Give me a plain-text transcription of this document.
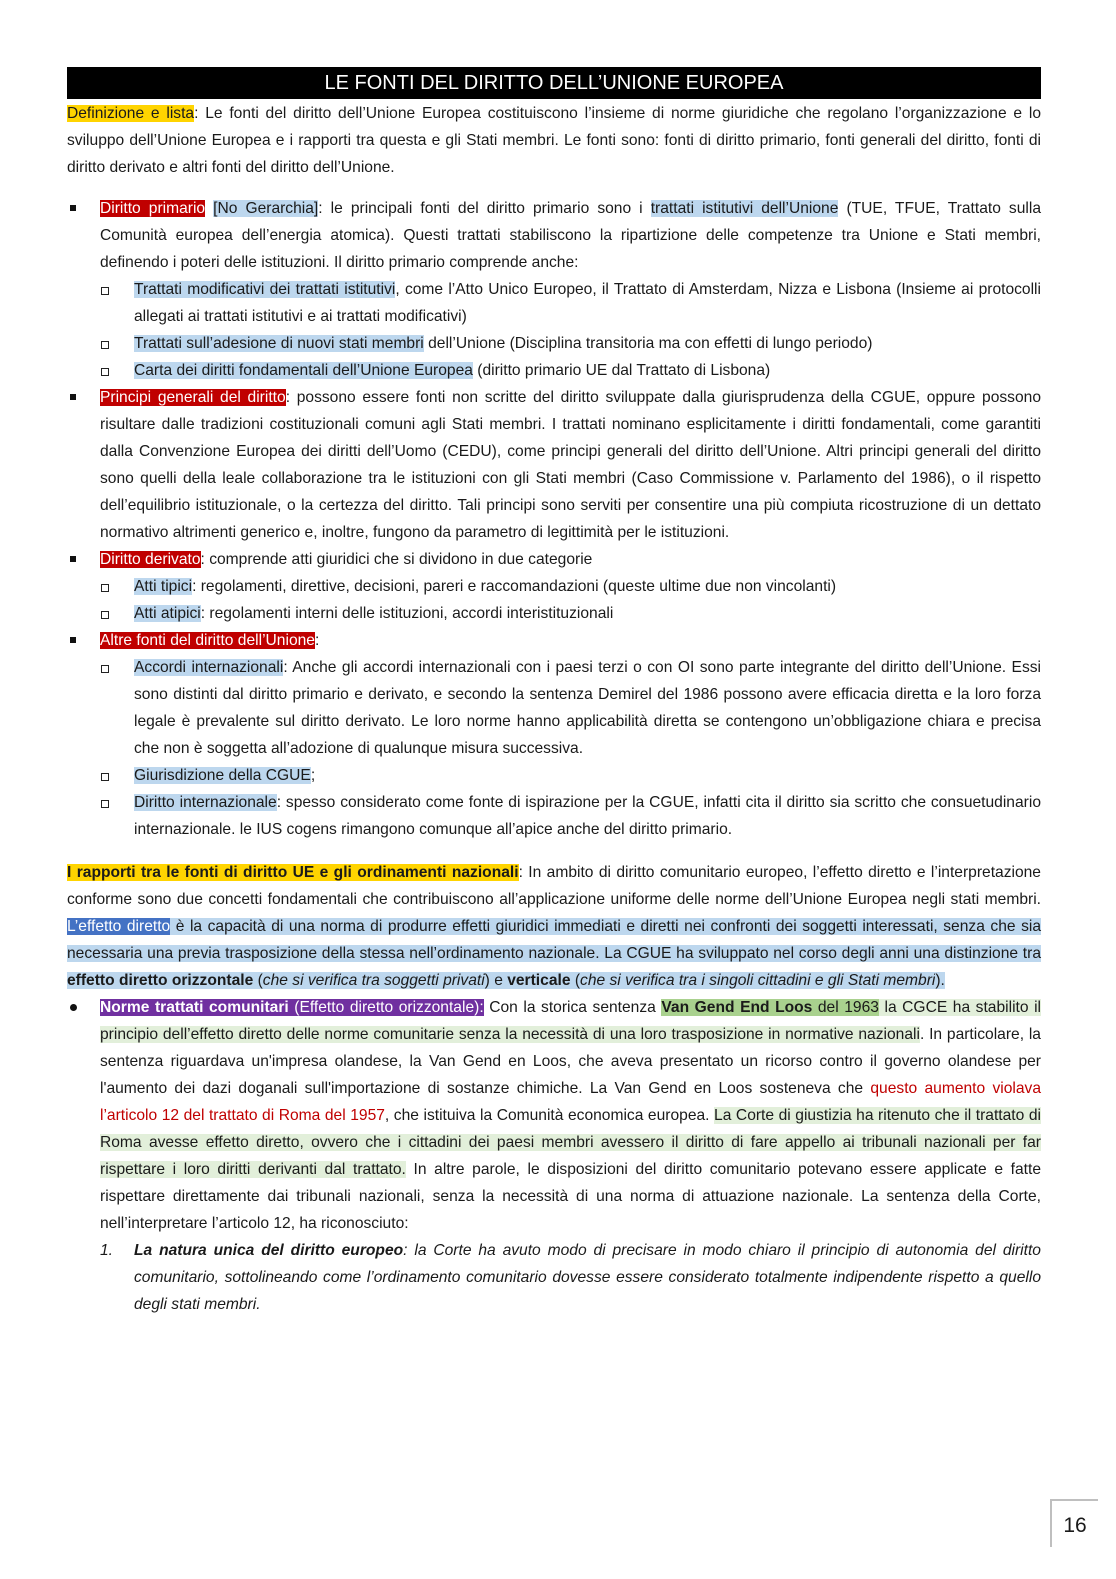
LE FONTI DEL DIRITTO DELL’UNIONE EUROPEA

Definizione e lista: Le fonti del diritto dell’Unione Europea costituiscono l’insieme di norme giuridiche che regolano l’organizzazione e lo sviluppo dell’Unione Europea e i rapporti tra questa e gli Stati membri. Le fonti sono: fonti di diritto primario, fonti generali del diritto, fonti di diritto derivato e altri fonti del diritto dell’Unione.

Diritto primario [No Gerarchia]: le principali fonti del diritto primario sono i trattati istitutivi dell’Unione (TUE, TFUE, Trattato sulla Comunità europea dell’energia atomica). Questi trattati stabiliscono la ripartizione delle competenze tra Unione e Stati membri, definendo i poteri delle istituzioni. Il diritto primario comprende anche:
Trattati modificativi dei trattati istitutivi, come l’Atto Unico Europeo, il Trattato di Amsterdam, Nizza e Lisbona (Insieme ai protocolli allegati ai trattati istitutivi e ai trattati modificativi)
Trattati sull’adesione di nuovi stati membri dell’Unione (Disciplina transitoria ma con effetti di lungo periodo)
Carta dei diritti fondamentali dell’Unione Europea (diritto primario UE dal Trattato di Lisbona)
Principi generali del diritto: possono essere fonti non scritte del diritto sviluppate dalla giurisprudenza della CGUE, oppure possono risultare dalle tradizioni costituzionali comuni agli Stati membri. I trattati nominano esplicitamente i diritti fondamentali, come garantiti dalla Convenzione Europea dei diritti dell’Uomo (CEDU), come principi generali del diritto dell’Unione. Altri principi generali del diritto sono quelli della leale collaborazione tra le istituzioni con gli Stati membri (Caso Commissione v. Parlamento del 1986), o il rispetto dell’equilibrio istituzionale, o la certezza del diritto. Tali principi sono serviti per consentire una più compiuta ricostruzione di un dettato normativo altrimenti generico e, inoltre, fungono da parametro di legittimità per le istituzioni.
Diritto derivato: comprende atti giuridici che si dividono in due categorie
Atti tipici: regolamenti, direttive, decisioni, pareri e raccomandazioni (queste ultime due non vincolanti)
Atti atipici: regolamenti interni delle istituzioni, accordi interistituzionali
Altre fonti del diritto dell’Unione:
Accordi internazionali: Anche gli accordi internazionali con i paesi terzi o con OI sono parte integrante del diritto dell’Unione. Essi sono distinti dal diritto primario e derivato, e secondo la sentenza Demirel del 1986 possono avere efficacia diretta e la loro forza legale è prevalente sul diritto derivato. Le loro norme hanno applicabilità diretta se contengono un’obbligazione chiara e precisa che non è soggetta all’adozione di qualunque misura successiva.
Giurisdizione della CGUE;
Diritto internazionale: spesso considerato come fonte di ispirazione per la CGUE, infatti cita il diritto sia scritto che consuetudinario internazionale. le IUS cogens rimangono comunque all’apice anche del diritto primario.

I rapporti tra le fonti di diritto UE e gli ordinamenti nazionali: In ambito di diritto comunitario europeo, l’effetto diretto e l’interpretazione conforme sono due concetti fondamentali che contribuiscono all’applicazione uniforme delle norme dell’Unione Europea negli stati membri. L’effetto diretto è la capacità di una norma di produrre effetti giuridici immediati e diretti nei confronti dei soggetti interessati, senza che sia necessaria una previa trasposizione della stessa nell’ordinamento nazionale. La CGUE ha sviluppato nel corso degli anni una distinzione tra effetto diretto orizzontale (che si verifica tra soggetti privati) e verticale (che si verifica tra i singoli cittadini e gli Stati membri).

Norme trattati comunitari (Effetto diretto orizzontale): Con la storica sentenza Van Gend End Loos del 1963 la CGCE ha stabilito il principio dell’effetto diretto delle norme comunitarie senza la necessità di una loro trasposizione in normative nazionali. In particolare, la sentenza riguardava un'impresa olandese, la Van Gend en Loos, che aveva presentato un ricorso contro il governo olandese per l'aumento dei dazi doganali sull'importazione di sostanze chimiche. La Van Gend en Loos sosteneva che questo aumento violava l’articolo 12 del trattato di Roma del 1957, che istituiva la Comunità economica europea. La Corte di giustizia ha ritenuto che il trattato di Roma avesse effetto diretto, ovvero che i cittadini dei paesi membri avessero il diritto di fare appello ai tribunali nazionali per far rispettare i loro diritti derivanti dal trattato. In altre parole, le disposizioni del diritto comunitario potevano essere applicate e fatte rispettare direttamente dai tribunali nazionali, senza la necessità di una norma di attuazione nazionale. La sentenza della Corte, nell’interpretare l’articolo 12, ha riconosciuto:
1. La natura unica del diritto europeo: la Corte ha avuto modo di precisare in modo chiaro il principio di autonomia del diritto comunitario, sottolineando come l’ordinamento comunitario dovesse essere considerato totalmente indipendente rispetto a quello degli stati membri.
16
